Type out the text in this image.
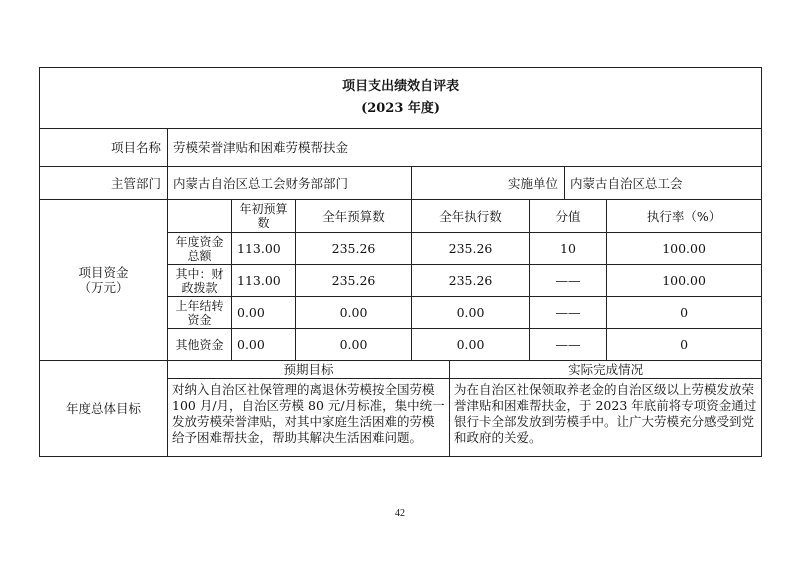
项目支出绩效自评表
(2023 年度)									

项目名称	劳模荣誉津贴和困难劳模帮扶金								
主管部门	内蒙古自治区总工会财务部部门			实施单位			内蒙古自治区总工会		

项目资金
（万元）		年初预算数	全年预算数	全年执行数		分值		执行率（%）	
	年度资金总额	113.00	235.26	235.26		10		100.00	
	其中：财政拨款	113.00	235.26	235.26		——		100.00	
	上年结转资金	0.00	0.00	0.00		——		0	
	其他资金	0.00	0.00	0.00		——		0	
年度总体目标	预期目标				实际完成情况				
	对纳入自治区社保管理的离退休劳模按全国劳模100 月/月，自治区劳模 80 元/月标准，集中统一发放劳模荣誉津贴，对其中家庭生活困难的劳模给予困难帮扶金，帮助其解决生活困难问题。				为在自治区社保领取养老金的自治区级以上劳模发放荣誉津贴和困难帮扶金，于 2023 年底前将专项资金通过银行卡全部发放到劳模手中。让广大劳模充分感受到党和政府的关爱。				
42
